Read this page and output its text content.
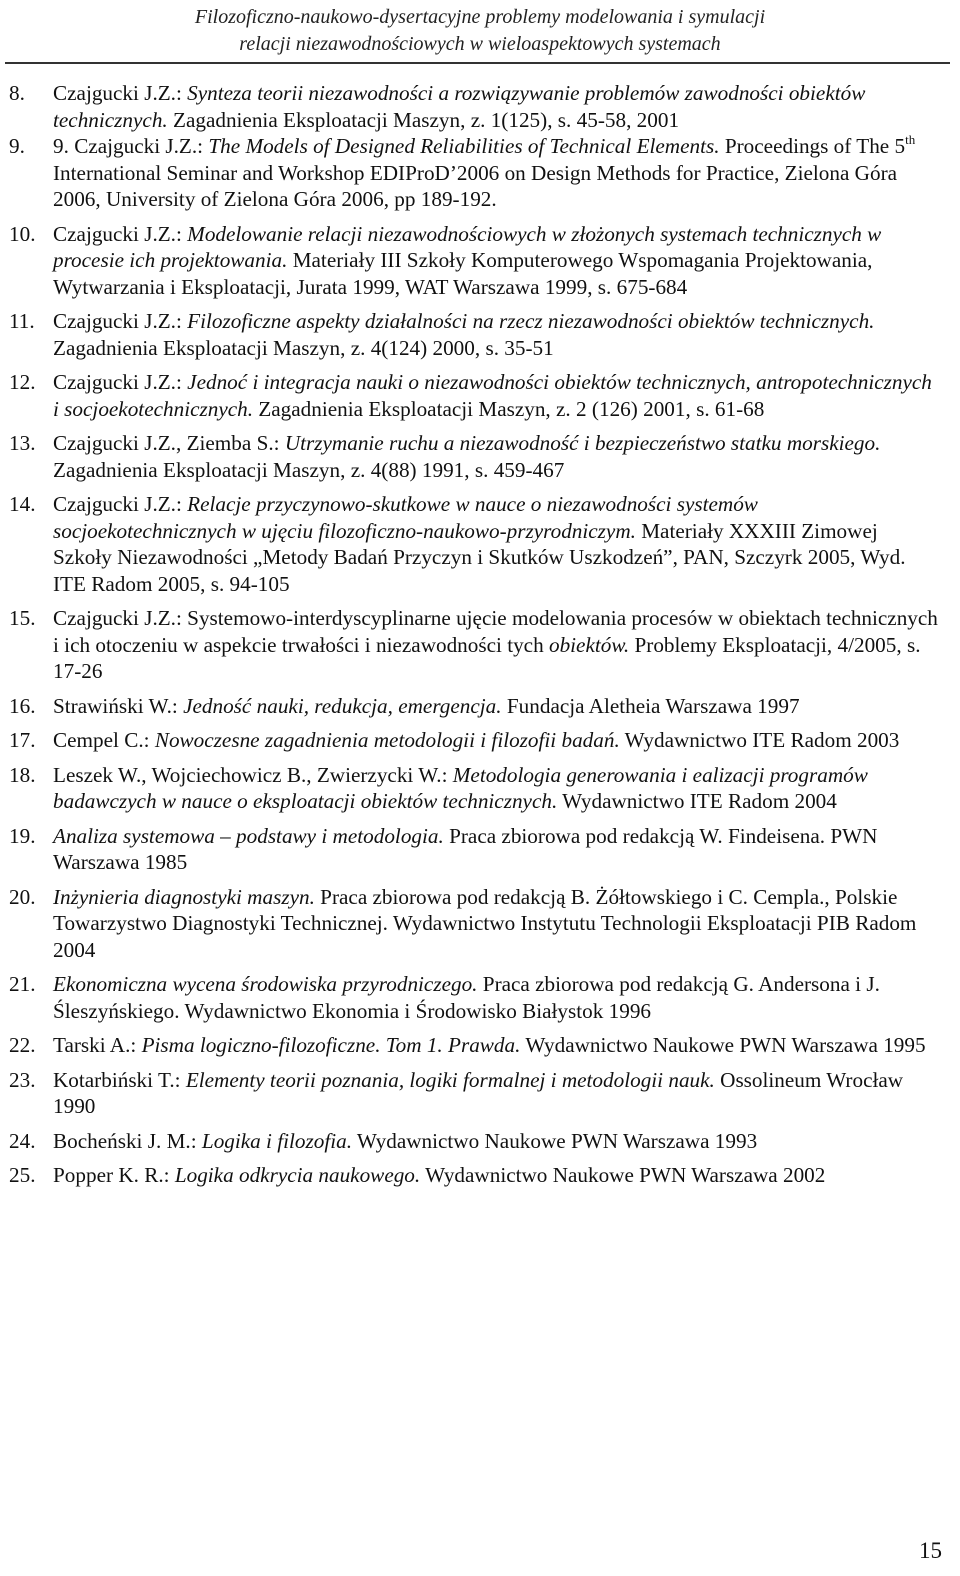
Filozoficzno-naukowo-dysertacyjne problemy modelowania i symulacji
relacji niezawodnościowych w wieloaspektowych systemach
8. Czajgucki J.Z.: Synteza teorii niezawodności a rozwiązywanie problemów zawodności obiektów technicznych. Zagadnienia Eksploatacji Maszyn, z. 1(125), s. 45-58, 2001
9. 9. Czajgucki J.Z.: The Models of Designed Reliabilities of Technical Elements. Proceedings of The 5th International Seminar and Workshop EDIProD’2006 on Design Methods for Practice, Zielona Góra 2006, University of Zielona Góra 2006, pp 189-192.
10. Czajgucki J.Z.: Modelowanie relacji niezawodnościowych w złożonych systemach technicznych w procesie ich projektowania. Materiały III Szkoły Komputerowego Wspomagania Projektowania, Wytwarzania i Eksploatacji, Jurata 1999, WAT Warszawa 1999, s. 675-684
11. Czajgucki J.Z.: Filozoficzne aspekty działalności na rzecz niezawodności obiektów technicznych. Zagadnienia Eksploatacji Maszyn, z. 4(124) 2000, s. 35-51
12. Czajgucki J.Z.: Jednoć i integracja nauki o niezawodności obiektów technicznych, antropotechnicznych i socjoekotechnicznych. Zagadnienia Eksploatacji Maszyn, z. 2 (126) 2001, s. 61-68
13. Czajgucki J.Z., Ziemba S.: Utrzymanie ruchu a niezawodność i bezpieczeństwo statku morskiego. Zagadnienia Eksploatacji Maszyn, z. 4(88) 1991, s. 459-467
14. Czajgucki J.Z.: Relacje przyczynowo-skutkowe w nauce o niezawodności systemów socjoekotechnicznych w ujęciu filozoficzno-naukowo-przyrodniczym. Materiały XXXIII Zimowej Szkoły Niezawodności „Metody Badań Przyczyn i Skutków Uszkodzeń”, PAN, Szczyrk 2005, Wyd. ITE Radom 2005, s. 94-105
15. Czajgucki J.Z.: Systemowo-interdyscyplinarne ujęcie modelowania procesów w obiektach technicznych i ich otoczeniu w aspekcie trwałości i niezawodności tych obiektów. Problemy Eksploatacji, 4/2005, s. 17-26
16. Strawiński W.: Jedność nauki, redukcja, emergencja. Fundacja Aletheia Warszawa 1997
17. Cempel C.: Nowoczesne zagadnienia metodologii i filozofii badań. Wydawnictwo ITE Radom 2003
18. Leszek W., Wojciechowicz B., Zwierzycki W.: Metodologia generowania i ealizacji programów badawczych w nauce o eksploatacji obiektów technicznych. Wydawnictwo ITE Radom 2004
19. Analiza systemowa – podstawy i metodologia. Praca zbiorowa pod redakcją W. Findeisena. PWN Warszawa 1985
20. Inżynieria diagnostyki maszyn. Praca zbiorowa pod redakcją B. Żółtowskiego i C. Cempla., Polskie Towarzystwo Diagnostyki Technicznej. Wydawnictwo Instytutu Technologii Eksploatacji PIB Radom 2004
21. Ekonomiczna wycena środowiska przyrodniczego. Praca zbiorowa pod redakcją G. Andersona i J. Śleszyńskiego. Wydawnictwo Ekonomia i Środowisko Białystok 1996
22. Tarski A.: Pisma logiczno-filozoficzne. Tom 1. Prawda. Wydawnictwo Naukowe PWN Warszawa 1995
23. Kotarbiński T.: Elementy teorii poznania, logiki formalnej i metodologii nauk. Ossolineum Wrocław 1990
24. Bocheński J. M.: Logika i filozofia. Wydawnictwo Naukowe PWN Warszawa 1993
25. Popper K. R.: Logika odkrycia naukowego. Wydawnictwo Naukowe PWN Warszawa 2002
15
